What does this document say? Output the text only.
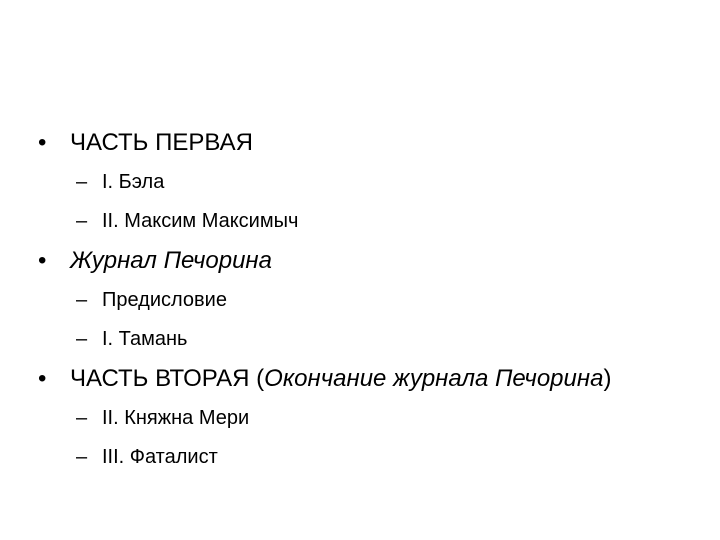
• ЧАСТЬ ПЕРВАЯ
– I. Бэла
– II. Максим Максимыч
• Журнал Печорина
– Предисловие
– I. Тамань
• ЧАСТЬ ВТОРАЯ (Окончание журнала Печорина)
– II. Княжна Мери
– III. Фаталист
